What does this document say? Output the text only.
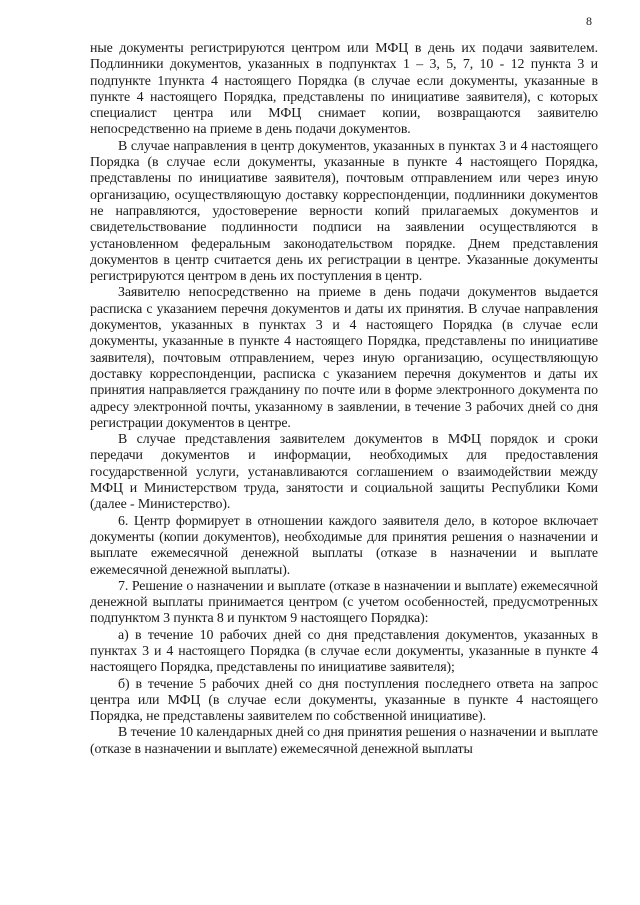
8

ные документы регистрируются центром или МФЦ в день их подачи заявителем. Подлинники документов, указанных в подпунктах 1 – 3, 5, 7, 10 - 12 пункта 3 и подпункте 1пункта 4 настоящего Порядка (в случае если документы, указанные в пункте 4 настоящего Порядка, представлены по инициативе заявителя), с которых специалист центра или МФЦ снимает копии, возвращаются заявителю непосредственно на приеме в день подачи документов.

В случае направления в центр документов, указанных в пунктах 3 и 4 настоящего Порядка (в случае если документы, указанные в пункте 4 настоящего Порядка, представлены по инициативе заявителя), почтовым отправлением или через иную организацию, осуществляющую доставку корреспонденции, подлинники документов не направляются, удостоверение верности копий прилагаемых документов и свидетельствование подлинности подписи на заявлении осуществляются в установленном федеральным законодательством порядке. Днем представления документов в центр считается день их регистрации в центре. Указанные документы регистрируются центром в день их поступления в центр.

Заявителю непосредственно на приеме в день подачи документов выдается расписка с указанием перечня документов и даты их принятия. В случае направления документов, указанных в пунктах 3 и 4 настоящего Порядка (в случае если документы, указанные в пункте 4 настоящего Порядка, представлены по инициативе заявителя), почтовым отправлением, через иную организацию, осуществляющую доставку корреспонденции, расписка с указанием перечня документов и даты их принятия направляется гражданину по почте или в форме электронного документа по адресу электронной почты, указанному в заявлении, в течение 3 рабочих дней со дня регистрации документов в центре.

В случае представления заявителем документов в МФЦ порядок и сроки передачи документов и информации, необходимых для предоставления государственной услуги, устанавливаются соглашением о взаимодействии между МФЦ и Министерством труда, занятости и социальной защиты Республики Коми (далее - Министерство).

6. Центр формирует в отношении каждого заявителя дело, в которое включает документы (копии документов), необходимые для принятия решения о назначении и выплате ежемесячной денежной выплаты (отказе в назначении и выплате ежемесячной денежной выплаты).

7. Решение о назначении и выплате (отказе в назначении и выплате) ежемесячной денежной выплаты принимается центром (с учетом особенностей, предусмотренных подпунктом 3 пункта 8 и пунктом 9 настоящего Порядка):

а) в течение 10 рабочих дней со дня представления документов, указанных в пунктах 3 и 4 настоящего Порядка (в случае если документы, указанные в пункте 4 настоящего Порядка, представлены по инициативе заявителя);

б) в течение 5 рабочих дней со дня поступления последнего ответа на запрос центра или МФЦ (в случае если документы, указанные в пункте 4 настоящего Порядка, не представлены заявителем по собственной инициативе).

В течение 10 календарных дней со дня принятия решения о назначении и выплате (отказе в назначении и выплате) ежемесячной денежной выплаты
